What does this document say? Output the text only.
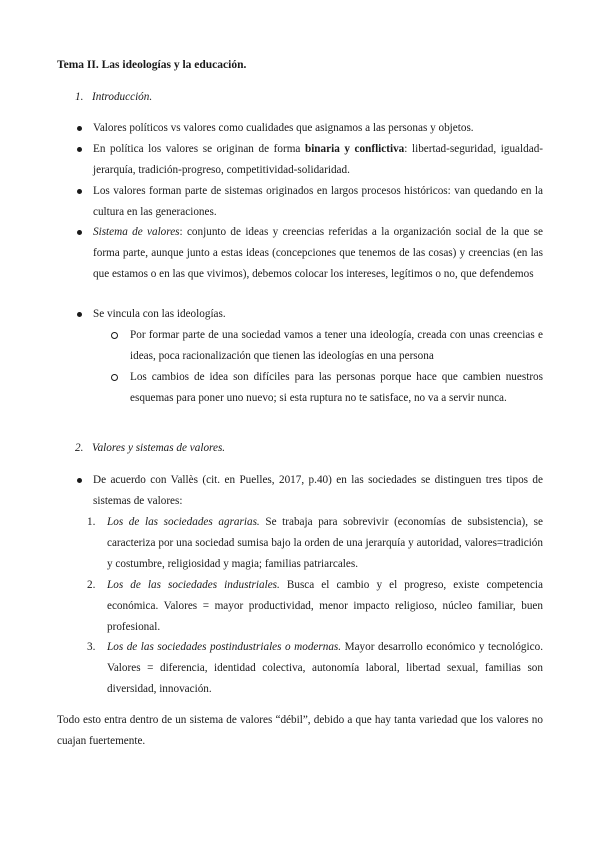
Tema II. Las ideologías y la educación.
1. Introducción.
Valores políticos vs valores como cualidades que asignamos a las personas y objetos.
En política los valores se originan de forma binaria y conflictiva: libertad-seguridad, igualdad-jerarquía, tradición-progreso, competitividad-solidaridad.
Los valores forman parte de sistemas originados en largos procesos históricos: van quedando en la cultura en las generaciones.
Sistema de valores: conjunto de ideas y creencias referidas a la organización social de la que se forma parte, aunque junto a estas ideas (concepciones que tenemos de las cosas) y creencias (en las que estamos o en las que vivimos), debemos colocar los intereses, legítimos o no, que defendemos
Se vincula con las ideologías.
Por formar parte de una sociedad vamos a tener una ideología, creada con unas creencias e ideas, poca racionalización que tienen las ideologías en una persona
Los cambios de idea son difíciles para las personas porque hace que cambien nuestros esquemas para poner uno nuevo; si esta ruptura no te satisface, no va a servir nunca.
2. Valores y sistemas de valores.
De acuerdo con Vallès (cit. en Puelles, 2017, p.40) en las sociedades se distinguen tres tipos de sistemas de valores:
1. Los de las sociedades agrarias. Se trabaja para sobrevivir (economías de subsistencia), se caracteriza por una sociedad sumisa bajo la orden de una jerarquía y autoridad, valores=tradición y costumbre, religiosidad y magia; familias patriarcales.
2. Los de las sociedades industriales. Busca el cambio y el progreso, existe competencia económica. Valores = mayor productividad, menor impacto religioso, núcleo familiar, buen profesional.
3. Los de las sociedades postindustriales o modernas. Mayor desarrollo económico y tecnológico. Valores = diferencia, identidad colectiva, autonomía laboral, libertad sexual, familias son diversidad, innovación.
Todo esto entra dentro de un sistema de valores “débil”, debido a que hay tanta variedad que los valores no cuajan fuertemente.
